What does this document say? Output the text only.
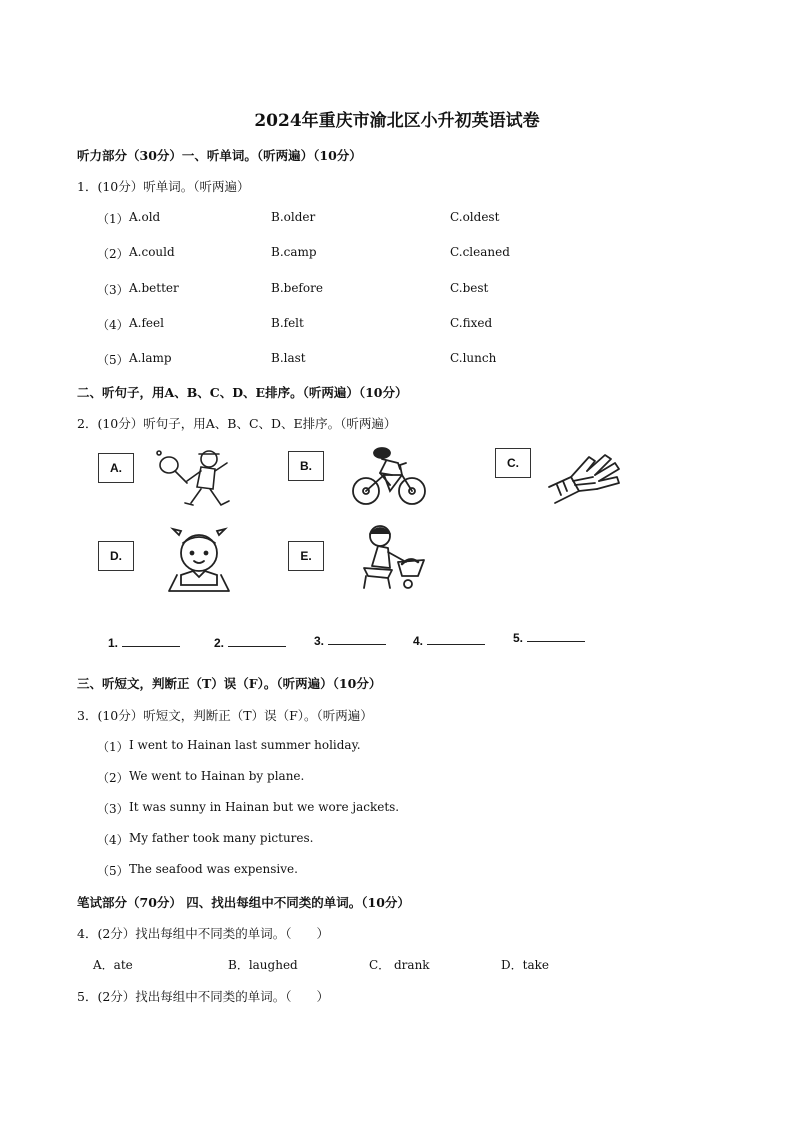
2024年重庆市渝北区小升初英语试卷
听力部分（30分）一、听单词。（听两遍）（10分）
1．(10分）听单词。（听两遍）
（1） A.old	B.older	C.oldest
（2） A.could	B.camp	C.cleaned
（3） A.better	B.before	C.best
（4） A.feel	B.felt	C.fixed
（5） A.lamp	B.last	C.lunch
二、听句子，用A、B、C、D、E排序。（听两遍）（10分）
2．(10分）听句子，用A、B、C、D、E排序。（听两遍）
A.	B.	C.
D.	E.
1.	2.	3.	4.	5.
三、听短文，判断正（T）误（F）。（听两遍）（10分）
3．(10分）听短文，判断正（T）误（F）。（听两遍）
（1） I went to Hainan last summer holiday.
（2） We went to Hainan by plane.
（3） It was sunny in Hainan but we wore jackets.
（4） My father took many pictures.
（5） The seafood was expensive.
笔试部分（70分） 四、找出每组中不同类的单词。（10分）
4．(2分）找出每组中不同类的单词。（　　）
A．ate	B．laughed	C． drank	D．take
5．(2分）找出每组中不同类的单词。（　　）
